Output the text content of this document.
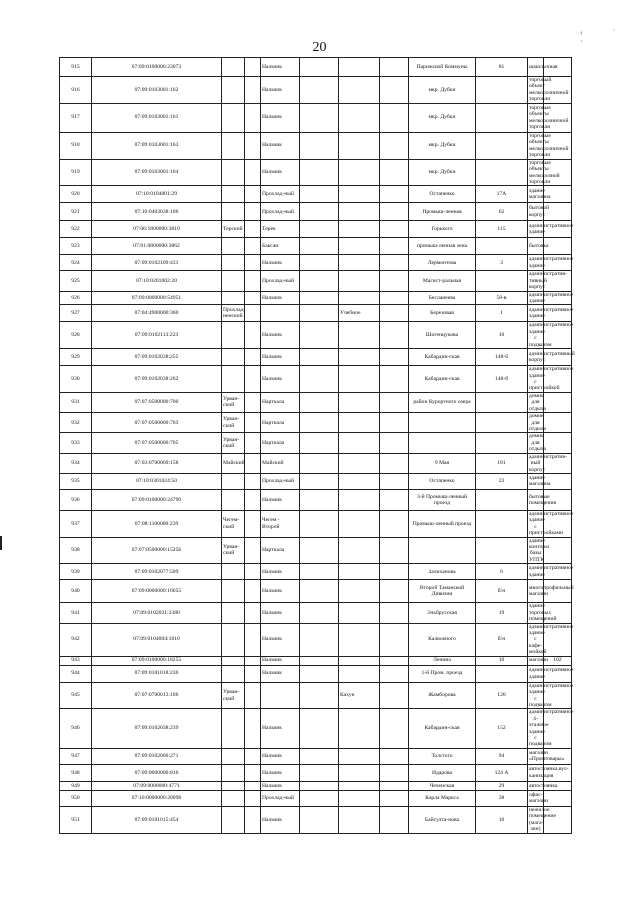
20
‹ ˙ ·
915	07:09:0100000:23073			Нальчик				Парижской Коммуны	81	шашлычная	
916	07:09:0103001:162			Нальчик				мкр. Дубки		торговый объект мелкорозничной торговли	
917	07:09:0103001:161			Нальчик				мкр. Дубки		торговые объекты мелкорозничной торговли	
918	07:09:0103001:163			Нальчик				мкр. Дубки		торговые объекты мелкорозничной торговли	
919	07:09:0103001:164			Нальчик				мкр. Дубки		торговые объекты мелкорозной торговли	
920	07:10:0104001:29			Прохлад-ный				Остапенко	17А	здание магазина	
921	07:10:0403038:106			Прохлад-ный				Промыш-ленная	62	бытовой корпус	
922	07:06:1800000:3810	Терский		Терек				Горького	115	административное здание	
923	07:01:0800000:3862			Баксан				промыш-ленная зона		бытовка	
924	07:09:0102109:431			Нальчик				Лермонтова	3	административное здание	
925	07:10:0201002:20			Прохлад-ный				Магист-ральная		административ-тивный корпус	
926	07:09:0000000:54951			Нальчик				Бесланеева	58-в	административное здание	
927	07:04:4900000:360	Прохлад-ненский				Учебное		Березовая	1	административное здание	
928	07:09:0102113:223			Нальчик				Шогенцукова	10	административное здание с подвалом	
929	07:09:0102038:255			Нальчик				Кабардин-ская	148-б	административный корпус	
930	07:09:0102038:262			Нальчик				Кабардин-ская	148-б	административное здание с пристройкой	
931	07:07:0500000:700	Урван-ский		Нарткала				район Курортного озера		домик для отдыха	
932	07:07:0500000:703	Урван-ский		Нарткала						домик для отдыха	
933	07:07:0500000:705	Урван-ский		Нарткала						домик для отдыха	
934	07:03:0700069:158	Майский		Майский				9 Мая	181	административ-ный корпус	
935	07:10:0301024:50			Прохлад-ный				Остапенко	23	здание магазина	
936	07:09:0100000:24790			Нальчик				3-й Промыш-ленный проезд		бытовые помещения	
937	07:08:1100000:239	Чегем-ский		Чегем - Второй				Промыш-ленный проезд		административное здание с пристройками	
938	07:07:0500000:15256	Урван-ский		Нарткала						здание конторы базы УПТК	
939	07:09:0102077:509			Нальчик				Залиханова	6	административное здание	
940	07:09:0000000:16655			Нальчик				Второй Таманской Дивизии	б/н	многопрофильный магазин	
941	07:09:0102021:2380			Нальчик				Эльбрусская	19	здание торговых помещений	
942	07:09:0104004:1810			Нальчик				Калюжного	б/н	административное здание с кафе-мойкой	
943	07:09:0100000:18255			Нальчик				Ленина	10	магазин	102
944	07:09:0101018:236			Нальчик				1-й Пром. проезд		административное здание	
945	07:07:0700013:106	Урван-ский				Кахун		Жамборова	120	административное здание с подвалом	
946	07:09:0102038:239			Нальчик				Кабардин-ская	152	административное 4-этажное здание с подвалом	
947	07:09:0102060:271			Нальчик				Толстого	94	магазин «Промтовары»	
948	07:09:0000000:816			Нальчик				Идарова	124 А	автостоянка,вул-канизация	
949	07:09:0000000:4771			Нальчик				Чеченская	29	автостоянка	
950	07:10:0000000:20098			Прохлад-ный				Карла Маркса	38	офис-магазин	
951	07:09:0101015:454			Нальчик				Байсулта-нова	10	нежилое помещение (мага-зин)	
